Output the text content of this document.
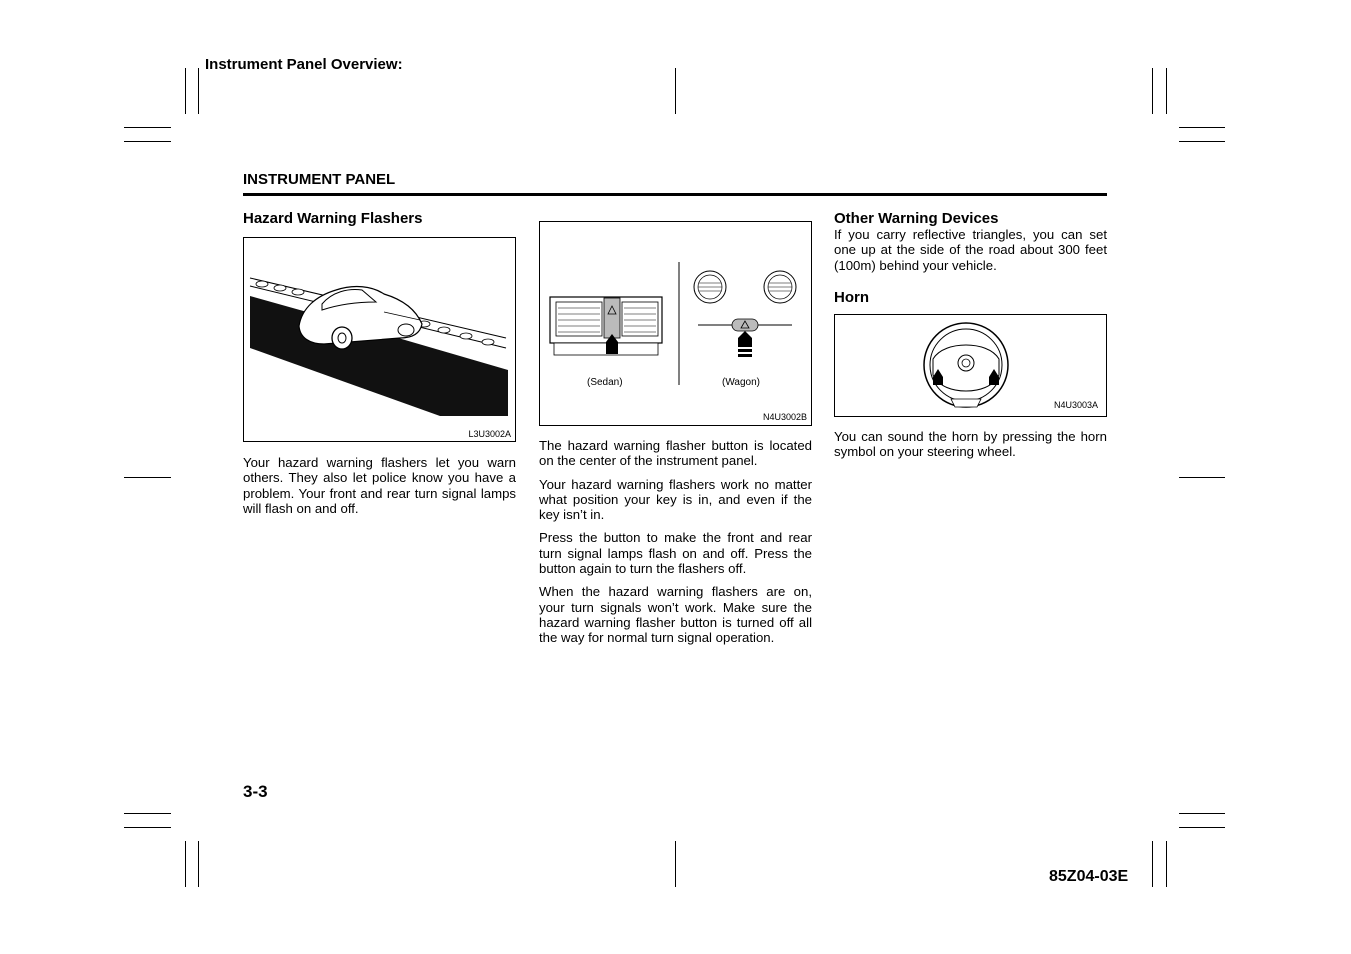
Instrument Panel Overview:
INSTRUMENT PANEL
Hazard Warning Flashers
L3U3002A

Your hazard warning flashers let you warn others. They also let police know you have a problem. Your front and rear turn signal lamps will flash on and off.

(Sedan)	(Wagon)
N4U3002B

The hazard warning flasher button is located on the center of the instrument panel.

Your hazard warning flashers work no matter what position your key is in, and even if the key isn’t in.

Press the button to make the front and rear turn signal lamps flash on and off. Press the button again to turn the flashers off.

When the hazard warning flashers are on, your turn signals won’t work. Make sure the hazard warning flasher button is turned off all the way for normal turn signal operation.

Other Warning Devices

If you carry reflective triangles, you can set one up at the side of the road about 300 feet (100m) behind your vehicle.

Horn
N4U3003A

You can sound the horn by pressing the horn symbol on your steering wheel.

3-3
85Z04-03E
